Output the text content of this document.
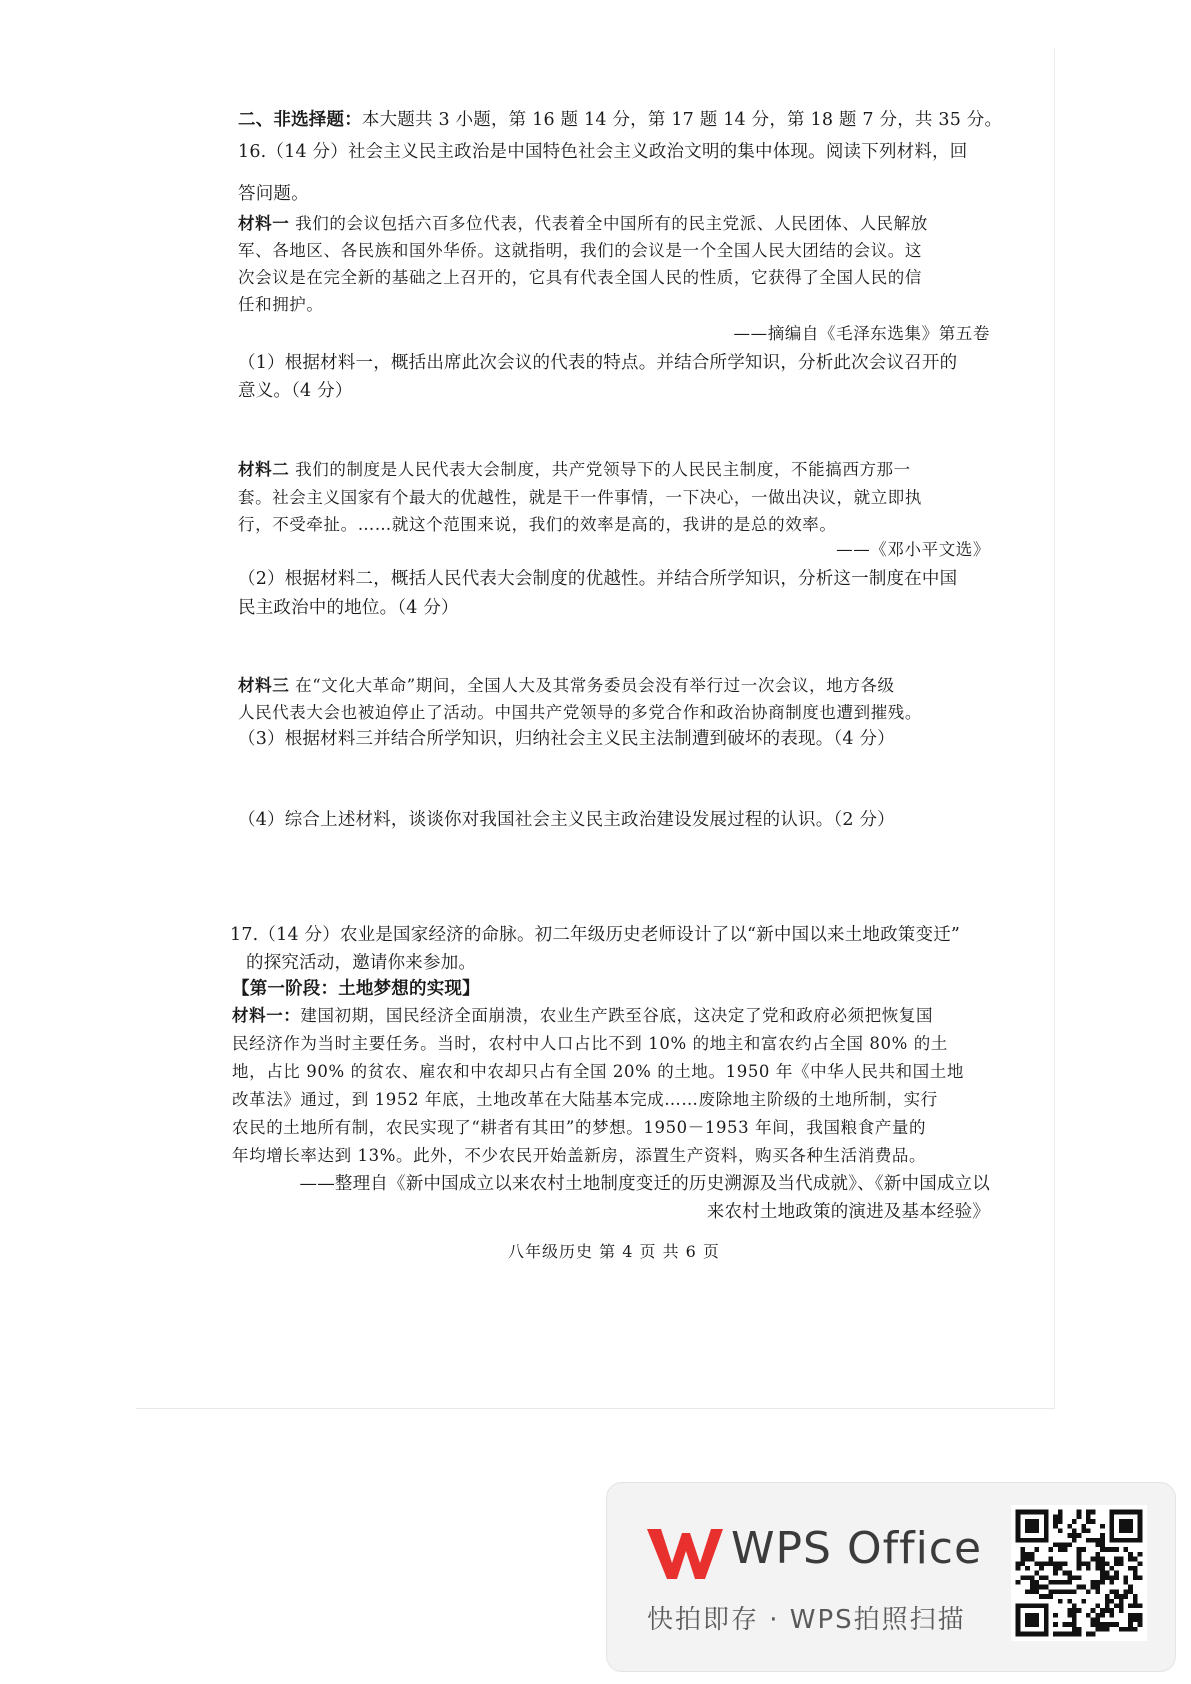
二、非选择题：本大题共 3 小题，第 16 题 14 分，第 17 题 14 分，第 18 题 7 分，共 35 分。
16.（14 分）社会主义民主政治是中国特色社会主义政治文明的集中体现。阅读下列材料，回
答问题。
材料一 我们的会议包括六百多位代表，代表着全中国所有的民主党派、人民团体、人民解放
军、各地区、各民族和国外华侨。这就指明，我们的会议是一个全国人民大团结的会议。这
次会议是在完全新的基础之上召开的，它具有代表全国人民的性质，它获得了全国人民的信
任和拥护。
——摘编自《毛泽东选集》第五卷
（1）根据材料一，概括出席此次会议的代表的特点。并结合所学知识，分析此次会议召开的
意义。（4 分）
材料二 我们的制度是人民代表大会制度，共产党领导下的人民民主制度，不能搞西方那一
套。社会主义国家有个最大的优越性，就是干一件事情，一下决心，一做出决议，就立即执
行，不受牵扯。……就这个范围来说，我们的效率是高的，我讲的是总的效率。
——《邓小平文选》
（2）根据材料二，概括人民代表大会制度的优越性。并结合所学知识，分析这一制度在中国
民主政治中的地位。（4 分）
材料三 在“文化大革命”期间，全国人大及其常务委员会没有举行过一次会议，地方各级
人民代表大会也被迫停止了活动。中国共产党领导的多党合作和政治协商制度也遭到摧残。
（3）根据材料三并结合所学知识，归纳社会主义民主法制遭到破坏的表现。（4 分）
（4）综合上述材料，谈谈你对我国社会主义民主政治建设发展过程的认识。（2 分）
17.（14 分）农业是国家经济的命脉。初二年级历史老师设计了以“新中国以来土地政策变迁”
的探究活动，邀请你来参加。
【第一阶段：土地梦想的实现】
材料一：建国初期，国民经济全面崩溃，农业生产跌至谷底，这决定了党和政府必须把恢复国
民经济作为当时主要任务。当时，农村中人口占比不到 10% 的地主和富农约占全国 80% 的土
地，占比 90% 的贫农、雇农和中农却只占有全国 20% 的土地。1950 年《中华人民共和国土地
改革法》通过，到 1952 年底，土地改革在大陆基本完成……废除地主阶级的土地所制，实行
农民的土地所有制，农民实现了“耕者有其田”的梦想。1950－1953 年间，我国粮食产量的
年均增长率达到 13%。此外，不少农民开始盖新房，添置生产资料，购买各种生活消费品。
——整理自《新中国成立以来农村土地制度变迁的历史溯源及当代成就》、《新中国成立以
来农村土地政策的演进及基本经验》
八年级历史 第 4 页 共 6 页
WPS Office
快拍即存 · WPS拍照扫描
